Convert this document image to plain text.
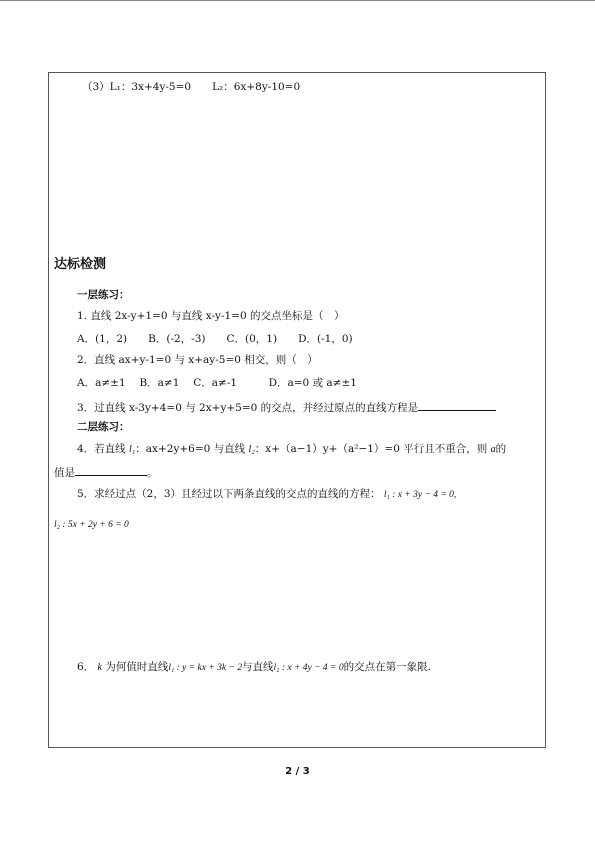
（3）L₁：3x+4y-5=0　　L₂：6x+8y-10=0
达标检测
一层练习：
1. 直线 2x-y+1=0 与直线 x-y-1=0 的交点坐标是（　）
A．(1，2)　　B．(-2，-3)　　C．(0，1)　　D．(-1，0)
2．直线 ax+y-1=0 与 x+ay-5=0 相交，则（　）
A．a≠±1　 B．a≠1　 C．a≠-1　　　D．a=0 或 a≠±1
3．过直线 x-3y+4=0 与 2x+y+5=0 的交点，并经过原点的直线方程是
二层练习：
4．若直线 l₁：ax+2y+6=0 与直线 l₂：x+（a−1）y+（a²−1）=0 平行且不重合，则 a的
值是	。
5．求经过点（2，3）且经过以下两条直线的交点的直线的方程： l₁ : x + 3y − 4 = 0,
l₂ : 5x + 2y + 6 = 0
6． k 为何值时直线l₁ : y = kx + 3k − 2与直线l₂ : x + 4y − 4 = 0的交点在第一象限.
2 / 3
